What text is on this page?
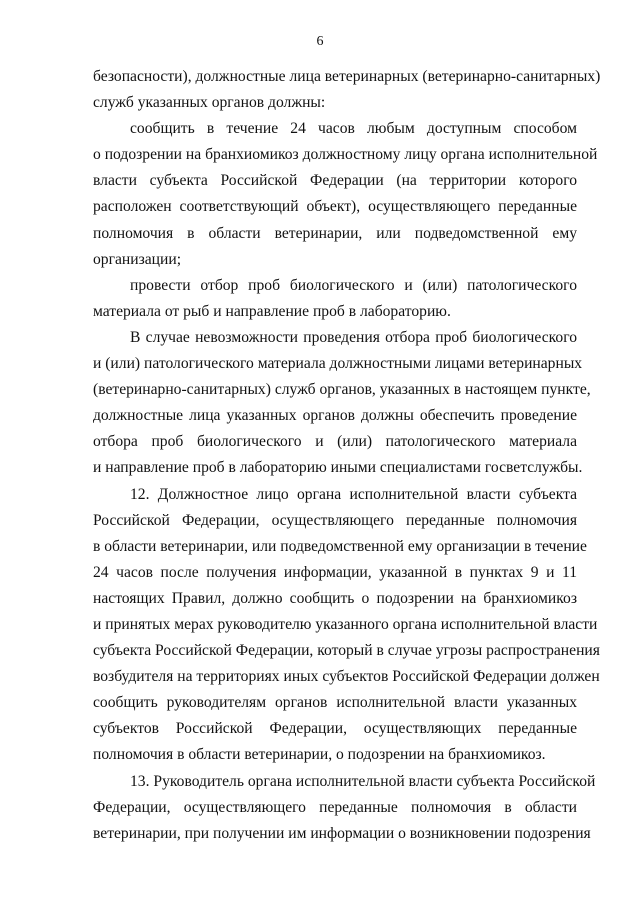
6
безопасности), должностные лица ветеринарных (ветеринарно-санитарных)
служб указанных органов должны:
сообщить в течение 24 часов любым доступным способом
о подозрении на бранхиомикоз должностному лицу органа исполнительной
власти субъекта Российской Федерации (на территории которого
расположен соответствующий объект), осуществляющего переданные
полномочия в области ветеринарии, или подведомственной ему
организации;
провести отбор проб биологического и (или) патологического
материала от рыб и направление проб в лабораторию.
В случае невозможности проведения отбора проб биологического
и (или) патологического материала должностными лицами ветеринарных
(ветеринарно-санитарных) служб органов, указанных в настоящем пункте,
должностные лица указанных органов должны обеспечить проведение
отбора проб биологического и (или) патологического материала
и направление проб в лабораторию иными специалистами госветслужбы.
12. Должностное лицо органа исполнительной власти субъекта
Российской Федерации, осуществляющего переданные полномочия
в области ветеринарии, или подведомственной ему организации в течение
24 часов после получения информации, указанной в пунктах 9 и 11
настоящих Правил, должно сообщить о подозрении на бранхиомикоз
и принятых мерах руководителю указанного органа исполнительной власти
субъекта Российской Федерации, который в случае угрозы распространения
возбудителя на территориях иных субъектов Российской Федерации должен
сообщить руководителям органов исполнительной власти указанных
субъектов Российской Федерации, осуществляющих переданные
полномочия в области ветеринарии, о подозрении на бранхиомикоз.
13. Руководитель органа исполнительной власти субъекта Российской
Федерации, осуществляющего переданные полномочия в области
ветеринарии, при получении им информации о возникновении подозрения
